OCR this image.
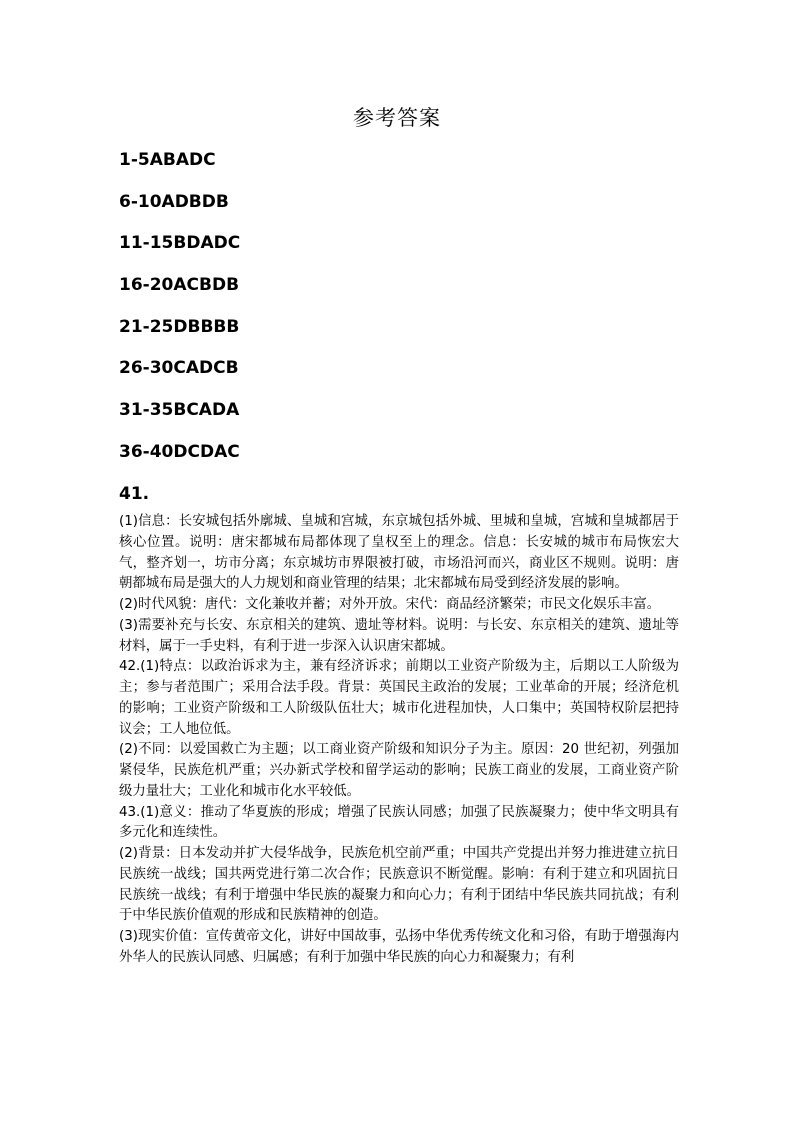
参考答案
1-5ABADC
6-10ADBDB
11-15BDADC
16-20ACBDB
21-25DBBBB
26-30CADCB
31-35BCADA
36-40DCDAC
41.

(1)信息：长安城包括外廓城、皇城和宫城，东京城包括外城、里城和皇城，宫城和皇城都居于核心位置。说明：唐宋都城布局都体现了皇权至上的理念。信息：长安城的城市布局恢宏大气，整齐划一，坊市分离；东京城坊市界限被打破，市场沿河而兴，商业区不规则。说明：唐朝都城布局是强大的人力规划和商业管理的结果；北宋都城布局受到经济发展的影响。

(2)时代风貌：唐代：文化兼收并蓄；对外开放。宋代：商品经济繁荣；市民文化娱乐丰富。

(3)需要补充与长安、东京相关的建筑、遗址等材料。说明：与长安、东京相关的建筑、遗址等材料，属于一手史料，有利于进一步深入认识唐宋都城。

42.(1)特点：以政治诉求为主，兼有经济诉求；前期以工业资产阶级为主，后期以工人阶级为主；参与者范围广；采用合法手段。背景：英国民主政治的发展；工业革命的开展；经济危机的影响；工业资产阶级和工人阶级队伍壮大；城市化进程加快，人口集中；英国特权阶层把持议会；工人地位低。

(2)不同：以爱国救亡为主题；以工商业资产阶级和知识分子为主。原因：20 世纪初，列强加紧侵华，民族危机严重；兴办新式学校和留学运动的影响；民族工商业的发展，工商业资产阶级力量壮大；工业化和城市化水平较低。

43.(1)意义：推动了华夏族的形成；增强了民族认同感；加强了民族凝聚力；使中华文明具有多元化和连续性。

(2)背景：日本发动并扩大侵华战争，民族危机空前严重；中国共产党提出并努力推进建立抗日民族统一战线；国共两党进行第二次合作；民族意识不断觉醒。影响：有利于建立和巩固抗日民族统一战线；有利于增强中华民族的凝聚力和向心力；有利于团结中华民族共同抗战；有利于中华民族价值观的形成和民族精神的创造。

(3)现实价值：宣传黄帝文化，讲好中国故事，弘扬中华优秀传统文化和习俗，有助于增强海内外华人的民族认同感、归属感；有利于加强中华民族的向心力和凝聚力；有利
